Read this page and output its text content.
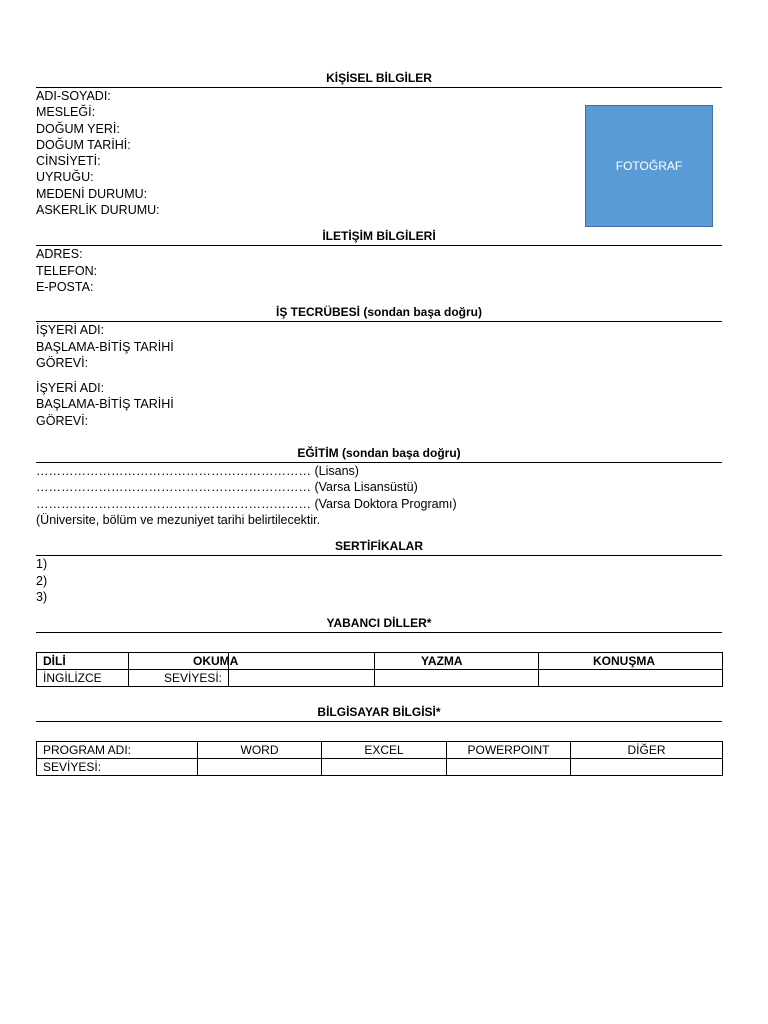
KİŞİSEL BİLGİLER
ADI-SOYADI:
MESLEĞİ:
DOĞUM YERİ:
DOĞUM TARİHİ:
CİNSİYETİ:
UYRUĞU:
MEDENİ DURUMU:
ASKERLİK DURUMU:
FOTOĞRAF
İLETİŞİM BİLGİLERİ
ADRES:
TELEFON:
E-POSTA:
İŞ TECRÜBESİ (sondan başa doğru)
İŞYERİ ADI:
BAŞLAMA-BİTİŞ TARİHİ
GÖREVİ:
İŞYERİ ADI:
BAŞLAMA-BİTİŞ TARİHİ
GÖREVİ:
EĞİTİM (sondan başa doğru)
………………………………………………………… (Lisans)
………………………………………………………… (Varsa Lisansüstü)
………………………………………………………… (Varsa Doktora Programı)
(Üniversite, bölüm ve mezuniyet tarihi belirtilecektir.
SERTİFİKALAR
1)
2)
3)
YABANCI DİLLER*
DİLİ		OKUMA	YAZMA	KONUŞMA
İNGİLİZCE	SEVİYESİ:			
BİLGİSAYAR BİLGİSİ*
PROGRAM ADI:	WORD	EXCEL	POWERPOINT	DİĞER
SEVİYESİ:				
